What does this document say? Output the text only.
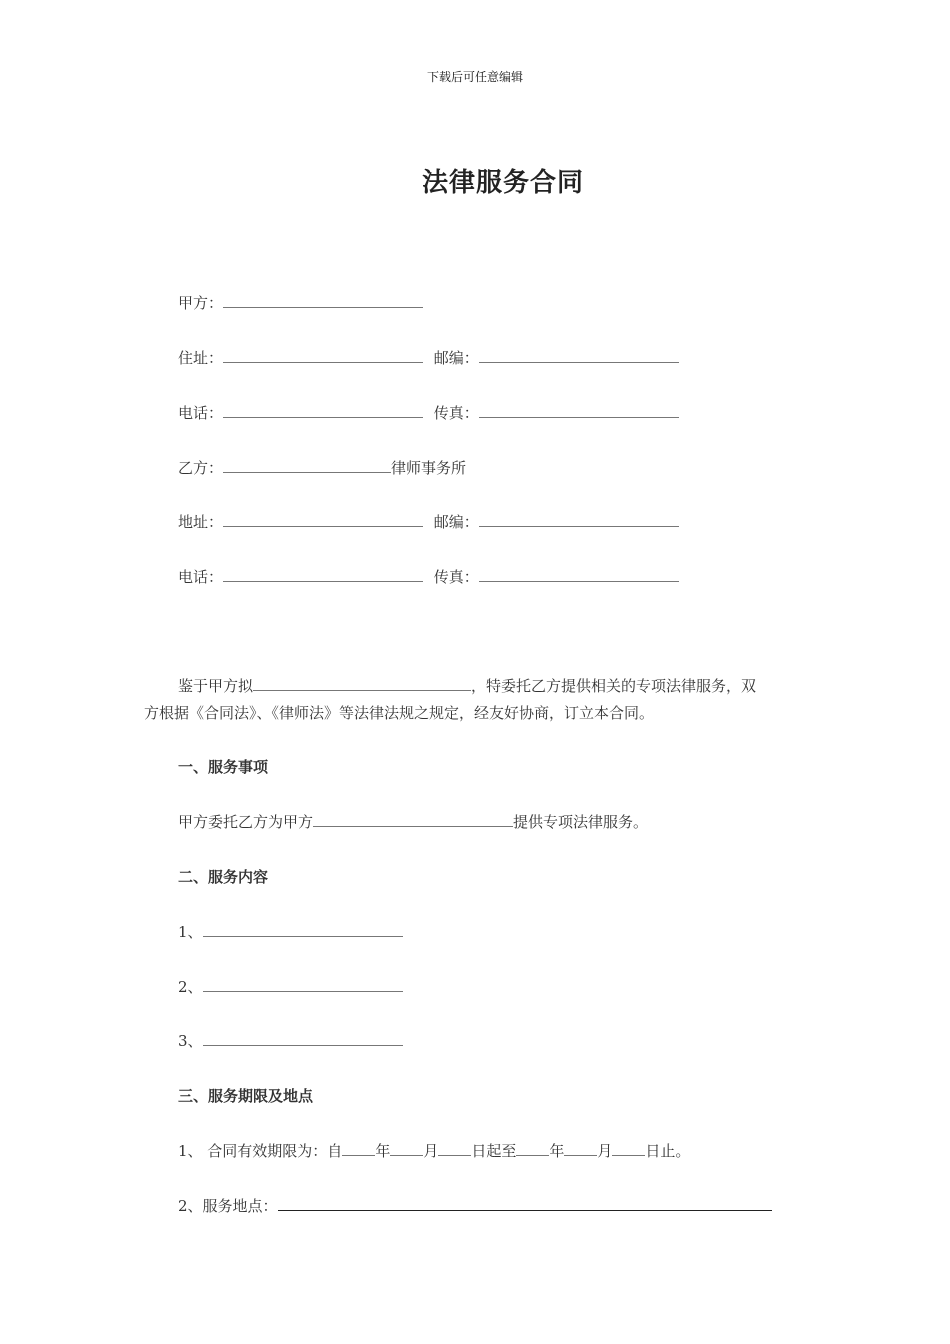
下载后可任意编辑
法律服务合同
甲方：
住址：	邮编：
电话：	传真：
乙方：	律师事务所
地址：	邮编：
电话：	传真：
鉴于甲方拟	，特委托乙方提供相关的专项法律服务，双
方根据《合同法》、《律师法》等法律法规之规定，经友好协商，订立本合同。
一、服务事项
甲方委托乙方为甲方	提供专项法律服务。
二、服务内容
1、
2、
3、
三、服务期限及地点
1、 合同有效期限为：自 年 月 日起至 年 月 日止。
2、服务地点：
